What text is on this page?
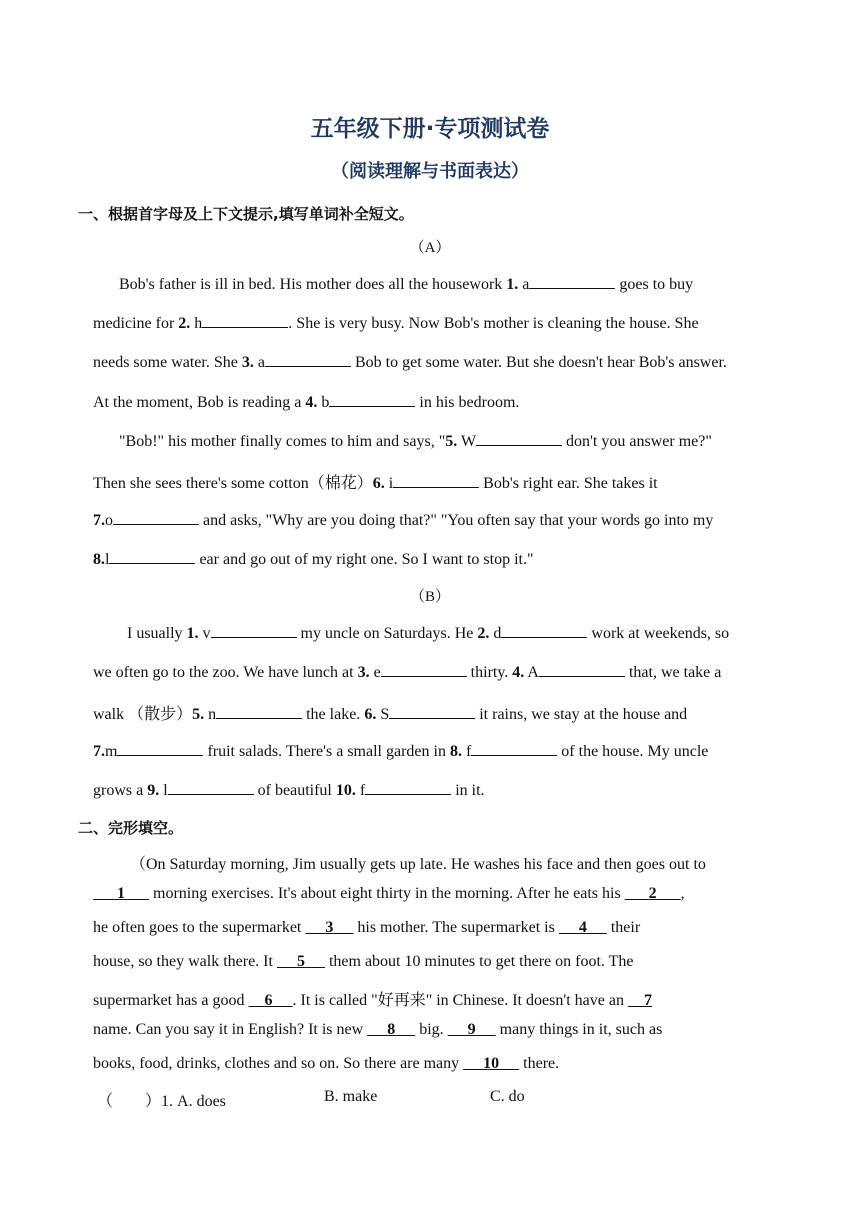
五年级下册·专项测试卷
（阅读理解与书面表达）
一、根据首字母及上下文提示,填写单词补全短文。
（A）
Bob's father is ill in bed. His mother does all the housework 1. a	goes to buy
medicine for 2. h	. She is very busy. Now Bob's mother is cleaning the house. She
needs some water. She 3. a	Bob to get some water. But she doesn't hear Bob's answer.
At the moment, Bob is reading a 4. b	in his bedroom.
"Bob!" his mother finally comes to him and says, "5. W	don't you answer me?"
Then she sees there's some cotton（棉花）6. i	Bob's right ear. She takes it
7.o	and asks, "Why are you doing that?" "You often say that your words go into my
8.l	ear and go out of my right one. So I want to stop it."
（B）
I usually 1. v	my uncle on Saturdays. He 2. d	work at weekends, so
we often go to the zoo. We have lunch at 3. e	thirty. 4. A	that, we take a
walk （散步）5. n	the lake. 6. S	it rains, we stay at the house and
7.m	fruit salads. There's a small garden in 8. f	of the house. My uncle
grows a 9. l	of beautiful 10. f	in it.
二、完形填空。
（On Saturday morning, Jim usually gets up late. He washes his face and then goes out to
1 morning exercises. It's about eight thirty in the morning. After he eats his 2 ,
he often goes to the supermarket 3 his mother. The supermarket is 4 their
house, so they walk there. It 5 them about 10 minutes to get there on foot. The
supermarket has a good 6 . It is called "好再来" in Chinese. It doesn't have an 7
name. Can you say it in English? It is new 8 big. 9 many things in it, such as
books, food, drinks, clothes and so on. So there are many 10 there.
（　　）1. A. does	B. make	C. do
